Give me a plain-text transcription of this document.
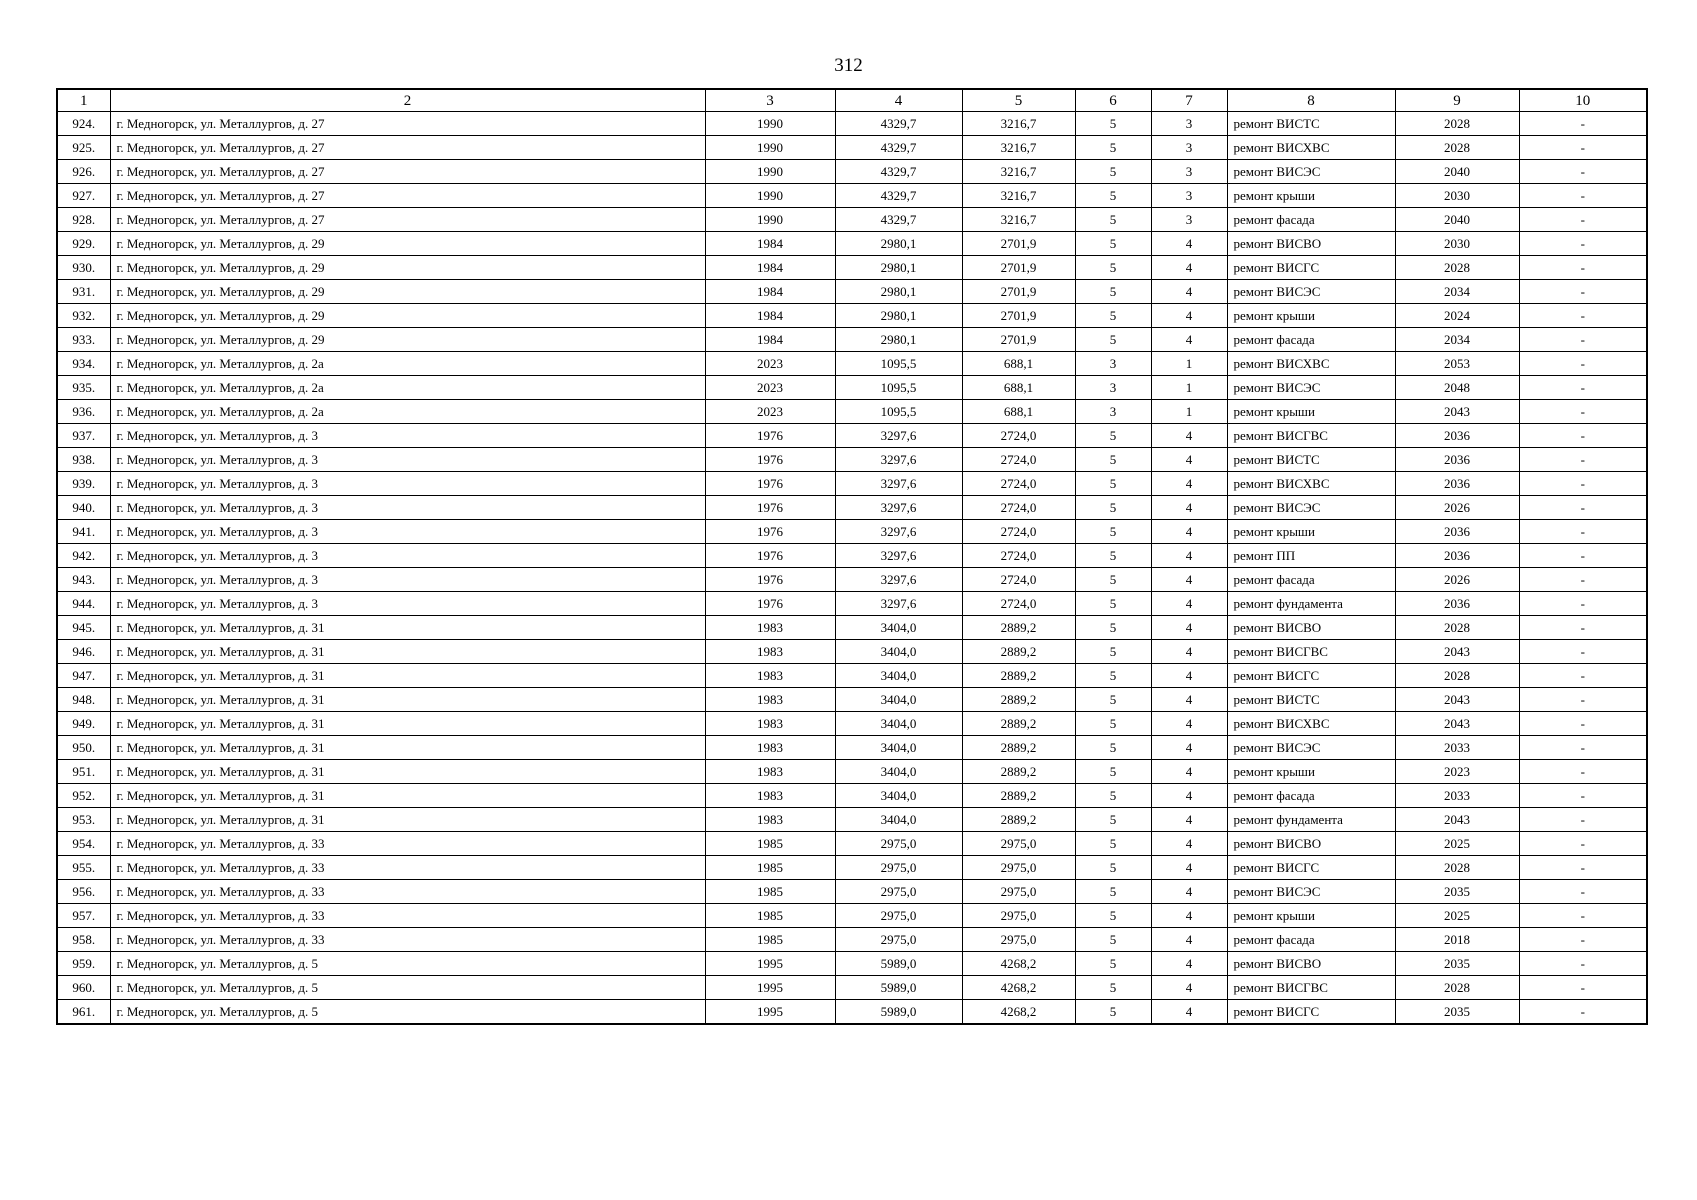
312
1	2	3	4	5	6	7	8	9	10
924.	г. Медногорск, ул. Металлургов, д. 27	1990	4329,7	3216,7	5	3	ремонт ВИСТС	2028	-
925.	г. Медногорск, ул. Металлургов, д. 27	1990	4329,7	3216,7	5	3	ремонт ВИСХВС	2028	-
926.	г. Медногорск, ул. Металлургов, д. 27	1990	4329,7	3216,7	5	3	ремонт ВИСЭС	2040	-
927.	г. Медногорск, ул. Металлургов, д. 27	1990	4329,7	3216,7	5	3	ремонт крыши	2030	-
928.	г. Медногорск, ул. Металлургов, д. 27	1990	4329,7	3216,7	5	3	ремонт фасада	2040	-
929.	г. Медногорск, ул. Металлургов, д. 29	1984	2980,1	2701,9	5	4	ремонт ВИСВО	2030	-
930.	г. Медногорск, ул. Металлургов, д. 29	1984	2980,1	2701,9	5	4	ремонт ВИСГС	2028	-
931.	г. Медногорск, ул. Металлургов, д. 29	1984	2980,1	2701,9	5	4	ремонт ВИСЭС	2034	-
932.	г. Медногорск, ул. Металлургов, д. 29	1984	2980,1	2701,9	5	4	ремонт крыши	2024	-
933.	г. Медногорск, ул. Металлургов, д. 29	1984	2980,1	2701,9	5	4	ремонт фасада	2034	-
934.	г. Медногорск, ул. Металлургов, д. 2а	2023	1095,5	688,1	3	1	ремонт ВИСХВС	2053	-
935.	г. Медногорск, ул. Металлургов, д. 2а	2023	1095,5	688,1	3	1	ремонт ВИСЭС	2048	-
936.	г. Медногорск, ул. Металлургов, д. 2а	2023	1095,5	688,1	3	1	ремонт крыши	2043	-
937.	г. Медногорск, ул. Металлургов, д. 3	1976	3297,6	2724,0	5	4	ремонт ВИСГВС	2036	-
938.	г. Медногорск, ул. Металлургов, д. 3	1976	3297,6	2724,0	5	4	ремонт ВИСТС	2036	-
939.	г. Медногорск, ул. Металлургов, д. 3	1976	3297,6	2724,0	5	4	ремонт ВИСХВС	2036	-
940.	г. Медногорск, ул. Металлургов, д. 3	1976	3297,6	2724,0	5	4	ремонт ВИСЭС	2026	-
941.	г. Медногорск, ул. Металлургов, д. 3	1976	3297,6	2724,0	5	4	ремонт крыши	2036	-
942.	г. Медногорск, ул. Металлургов, д. 3	1976	3297,6	2724,0	5	4	ремонт ПП	2036	-
943.	г. Медногорск, ул. Металлургов, д. 3	1976	3297,6	2724,0	5	4	ремонт фасада	2026	-
944.	г. Медногорск, ул. Металлургов, д. 3	1976	3297,6	2724,0	5	4	ремонт фундамента	2036	-
945.	г. Медногорск, ул. Металлургов, д. 31	1983	3404,0	2889,2	5	4	ремонт ВИСВО	2028	-
946.	г. Медногорск, ул. Металлургов, д. 31	1983	3404,0	2889,2	5	4	ремонт ВИСГВС	2043	-
947.	г. Медногорск, ул. Металлургов, д. 31	1983	3404,0	2889,2	5	4	ремонт ВИСГС	2028	-
948.	г. Медногорск, ул. Металлургов, д. 31	1983	3404,0	2889,2	5	4	ремонт ВИСТС	2043	-
949.	г. Медногорск, ул. Металлургов, д. 31	1983	3404,0	2889,2	5	4	ремонт ВИСХВС	2043	-
950.	г. Медногорск, ул. Металлургов, д. 31	1983	3404,0	2889,2	5	4	ремонт ВИСЭС	2033	-
951.	г. Медногорск, ул. Металлургов, д. 31	1983	3404,0	2889,2	5	4	ремонт крыши	2023	-
952.	г. Медногорск, ул. Металлургов, д. 31	1983	3404,0	2889,2	5	4	ремонт фасада	2033	-
953.	г. Медногорск, ул. Металлургов, д. 31	1983	3404,0	2889,2	5	4	ремонт фундамента	2043	-
954.	г. Медногорск, ул. Металлургов, д. 33	1985	2975,0	2975,0	5	4	ремонт ВИСВО	2025	-
955.	г. Медногорск, ул. Металлургов, д. 33	1985	2975,0	2975,0	5	4	ремонт ВИСГС	2028	-
956.	г. Медногорск, ул. Металлургов, д. 33	1985	2975,0	2975,0	5	4	ремонт ВИСЭС	2035	-
957.	г. Медногорск, ул. Металлургов, д. 33	1985	2975,0	2975,0	5	4	ремонт крыши	2025	-
958.	г. Медногорск, ул. Металлургов, д. 33	1985	2975,0	2975,0	5	4	ремонт фасада	2018	-
959.	г. Медногорск, ул. Металлургов, д. 5	1995	5989,0	4268,2	5	4	ремонт ВИСВО	2035	-
960.	г. Медногорск, ул. Металлургов, д. 5	1995	5989,0	4268,2	5	4	ремонт ВИСГВС	2028	-
961.	г. Медногорск, ул. Металлургов, д. 5	1995	5989,0	4268,2	5	4	ремонт ВИСГС	2035	-
